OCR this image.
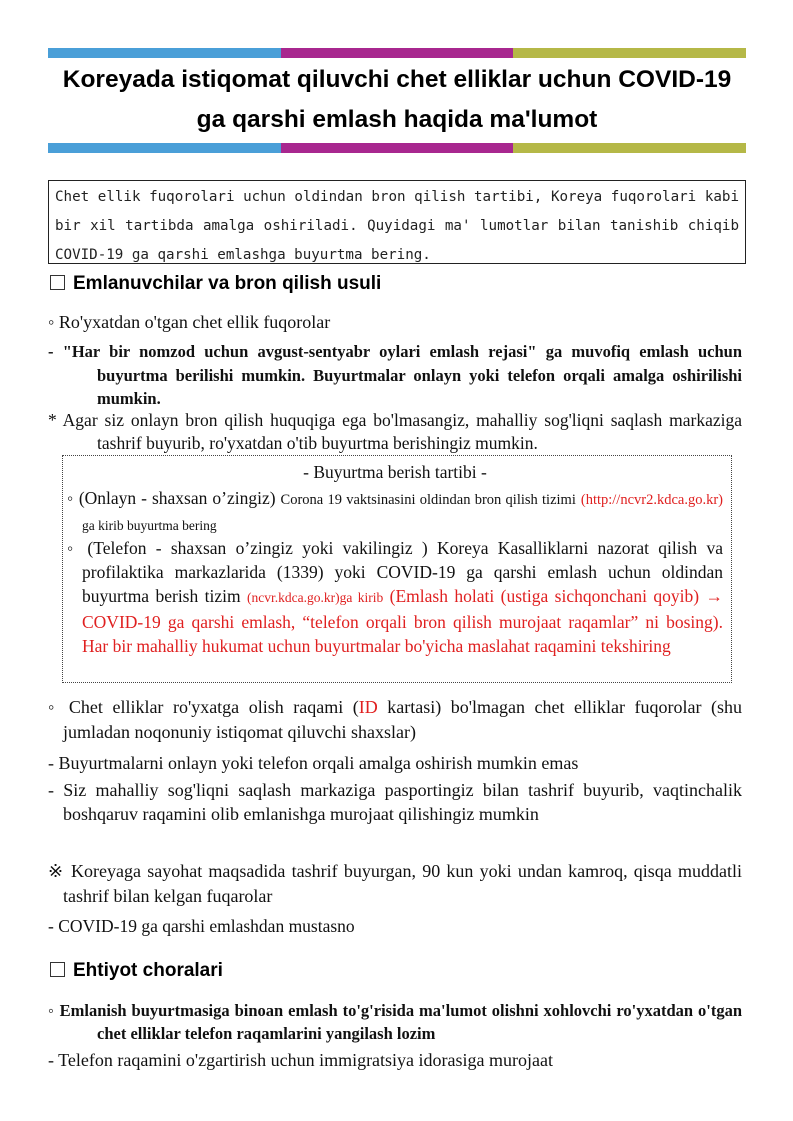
Koreyada istiqomat qiluvchi chet elliklar uchun COVID-19
ga qarshi emlash haqida ma'lumot
Chet ellik fuqorolari uchun oldindan bron qilish tartibi, Koreya fuqorolari kabi bir xil tartibda amalga oshiriladi. Quyidagi ma' lumotlar bilan tanishib chiqib COVID-19 ga qarshi emlashga buyurtma bering.
Emlanuvchilar va bron qilish usuli
◦ Ro'yxatdan o'tgan chet ellik fuqorolar
- "Har bir nomzod uchun avgust-sentyabr oylari emlash rejasi" ga muvofiq emlash uchun buyurtma berilishi mumkin. Buyurtmalar onlayn yoki telefon orqali amalga oshirilishi mumkin.
* Agar siz onlayn bron qilish huquqiga ega bo'lmasangiz, mahalliy sog'liqni saqlash markaziga tashrif buyurib, ro'yxatdan o'tib buyurtma berishingiz mumkin.
- Buyurtma berish tartibi -
◦ (Onlayn - shaxsan o’zingiz) Corona 19 vaktsinasini oldindan bron qilish tizimi (http://ncvr2.kdca.go.kr) ga kirib buyurtma bering
◦ (Telefon - shaxsan o’zingiz yoki vakilingiz ) Koreya Kasalliklarni nazorat qilish va profilaktika markazlarida (1339) yoki COVID-19 ga qarshi emlash uchun oldindan buyurtma berish tizim (ncvr.kdca.go.kr)ga kirib (Emlash holati (ustiga sichqonchani qoyib) → COVID-19 ga qarshi emlash, “telefon orqali bron qilish murojaat raqamlar” ni bosing). Har bir mahalliy hukumat uchun buyurtmalar bo'yicha maslahat raqamini tekshiring
◦ Chet elliklar ro'yxatga olish raqami (ID kartasi) bo'lmagan chet elliklar fuqorolar (shu jumladan noqonuniy istiqomat qiluvchi shaxslar)
- Buyurtmalarni onlayn yoki telefon orqali amalga oshirish mumkin emas
- Siz mahalliy sog'liqni saqlash markaziga pasportingiz bilan tashrif buyurib, vaqtinchalik boshqaruv raqamini olib emlanishga murojaat qilishingiz mumkin
※ Koreyaga sayohat maqsadida tashrif buyurgan, 90 kun yoki undan kamroq, qisqa muddatli tashrif bilan kelgan fuqarolar
- COVID-19 ga qarshi emlashdan mustasno
Ehtiyot choralari
◦ Emlanish buyurtmasiga binoan emlash to'g'risida ma'lumot olishni xohlovchi ro'yxatdan o'tgan chet elliklar telefon raqamlarini yangilash lozim
- Telefon raqamini o'zgartirish uchun immigratsiya idorasiga murojaat
